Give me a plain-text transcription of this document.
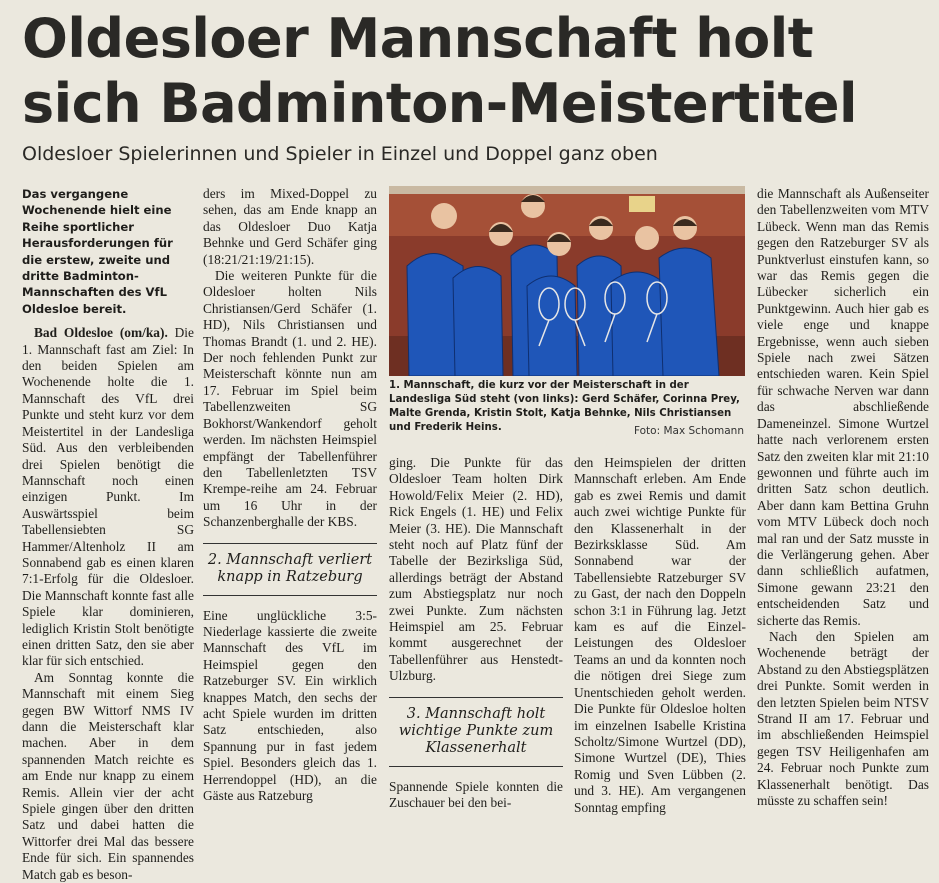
Oldesloer Mannschaft holt sich Badminton-Meistertitel

Oldesloer Spielerinnen und Spieler in Einzel und Doppel ganz oben

Das vergangene Wochenende hielt eine Reihe sportlicher Herausforderungen für die erstew, zweite und dritte Badminton-Mannschaften des VfL Oldesloe bereit.

Bad Oldesloe (om/ka). Die 1. Mannschaft fast am Ziel: In den beiden Spielen am Wochenende holte die 1. Mannschaft des VfL drei Punkte und steht kurz vor dem Meistertitel in der Landesliga Süd. Aus den verbleibenden drei Spielen benötigt die Mannschaft noch einen einzigen Punkt. Im Auswärtsspiel beim Tabellensiebten SG Hammer/Altenholz II am Sonnabend gab es einen klaren 7:1-Erfolg für die Oldesloer. Die Mannschaft konnte fast alle Spiele klar dominieren, lediglich Kristin Stolt benötigte einen dritten Satz, den sie aber klar für sich entschied.

Am Sonntag konnte die Mannschaft mit einem Sieg gegen BW Wittorf NMS IV dann die Meisterschaft klar machen. Aber in dem spannenden Match reichte es am Ende nur knapp zu einem Remis. Allein vier der acht Spiele gingen über den dritten Satz und dabei hatten die Wittorfer drei Mal das bessere Ende für sich. Ein spannendes Match gab es beson-

ders im Mixed-Doppel zu sehen, das am Ende knapp an das Oldesloer Duo Katja Behnke und Gerd Schäfer ging (18:21/21:19/21:15).

Die weiteren Punkte für die Oldesloer holten Nils Christiansen/Gerd Schäfer (1. HD), Nils Christiansen und Thomas Brandt (1. und 2. HE). Der noch fehlenden Punkt zur Meisterschaft könnte nun am 17. Februar im Spiel beim Tabellenzweiten SG Bokhorst/Wankendorf geholt werden. Im nächsten Heimspiel empfängt der Tabellenführer den Tabellenletzten TSV Krempe-reihe am 24. Februar um 16 Uhr in der Schanzenberghalle der KBS.

2. Mannschaft verliert knapp in Ratzeburg

Eine unglückliche 3:5-Niederlage kassierte die zweite Mannschaft des VfL im Heimspiel gegen den Ratzeburger SV. Ein wirklich knappes Match, den sechs der acht Spiele wurden im dritten Satz entschieden, also Spannung pur in fast jedem Spiel. Besonders gleich das 1. Herrendoppel (HD), an die Gäste aus Ratzeburg

1. Mannschaft, die kurz vor der Meisterschaft in der Landesliga Süd steht (von links): Gerd Schäfer, Corinna Prey, Malte Grenda, Kristin Stolt, Katja Behnke, Nils Christiansen und Frederik Heins.	Foto: Max Schomann

ging. Die Punkte für das Oldesloer Team holten Dirk Howold/Felix Meier (2. HD), Rick Engels (1. HE) und Felix Meier (3. HE). Die Mannschaft steht noch auf Platz fünf der Tabelle der Bezirksliga Süd, allerdings beträgt der Abstand zum Abstiegsplatz nur noch zwei Punkte. Zum nächsten Heimspiel am 25. Februar kommt ausgerechnet der Tabellenführer aus Henstedt-Ulzburg.

3. Mannschaft holt wichtige Punkte zum Klassenerhalt

Spannende Spiele konnten die Zuschauer bei den bei-

den Heimspielen der dritten Mannschaft erleben. Am Ende gab es zwei Remis und damit auch zwei wichtige Punkte für den Klassenerhalt in der Bezirksklasse Süd. Am Sonnabend war der Tabellensiebte Ratzeburger SV zu Gast, der nach den Doppeln schon 3:1 in Führung lag. Jetzt kam es auf die Einzel-Leistungen des Oldesloer Teams an und da konnten noch die nötigen drei Siege zum Unentschieden geholt werden. Die Punkte für Oldesloe holten im einzelnen Isabelle Kristina Scholtz/Simone Wurtzel (DD), Simone Wurtzel (DE), Thies Romig und Sven Lübben (2. und 3. HE). Am vergangenen Sonntag empfing

die Mannschaft als Außenseiter den Tabellenzweiten vom MTV Lübeck. Wenn man das Remis gegen den Ratzeburger SV als Punktverlust einstufen kann, so war das Remis gegen die Lübecker sicherlich ein Punktgewinn. Auch hier gab es viele enge und knappe Ergebnisse, wenn auch sieben Spiele nach zwei Sätzen entschieden waren. Kein Spiel für schwache Nerven war dann das abschließende Dameneinzel. Simone Wurtzel hatte nach verlorenem ersten Satz den zweiten klar mit 21:10 gewonnen und führte auch im dritten Satz schon deutlich. Aber dann kam Bettina Gruhn vom MTV Lübeck doch noch mal ran und der Satz musste in die Verlängerung gehen. Aber dann schließlich aufatmen, Simone gewann 23:21 den entscheidenden Satz und sicherte das Remis.

Nach den Spielen am Wochenende beträgt der Abstand zu den Abstiegsplätzen drei Punkte. Somit werden in den letzten Spielen beim NTSV Strand II am 17. Februar und im abschließenden Heimspiel gegen TSV Heiligenhafen am 24. Februar noch Punkte zum Klassenerhalt benötigt. Das müsste zu schaffen sein!
